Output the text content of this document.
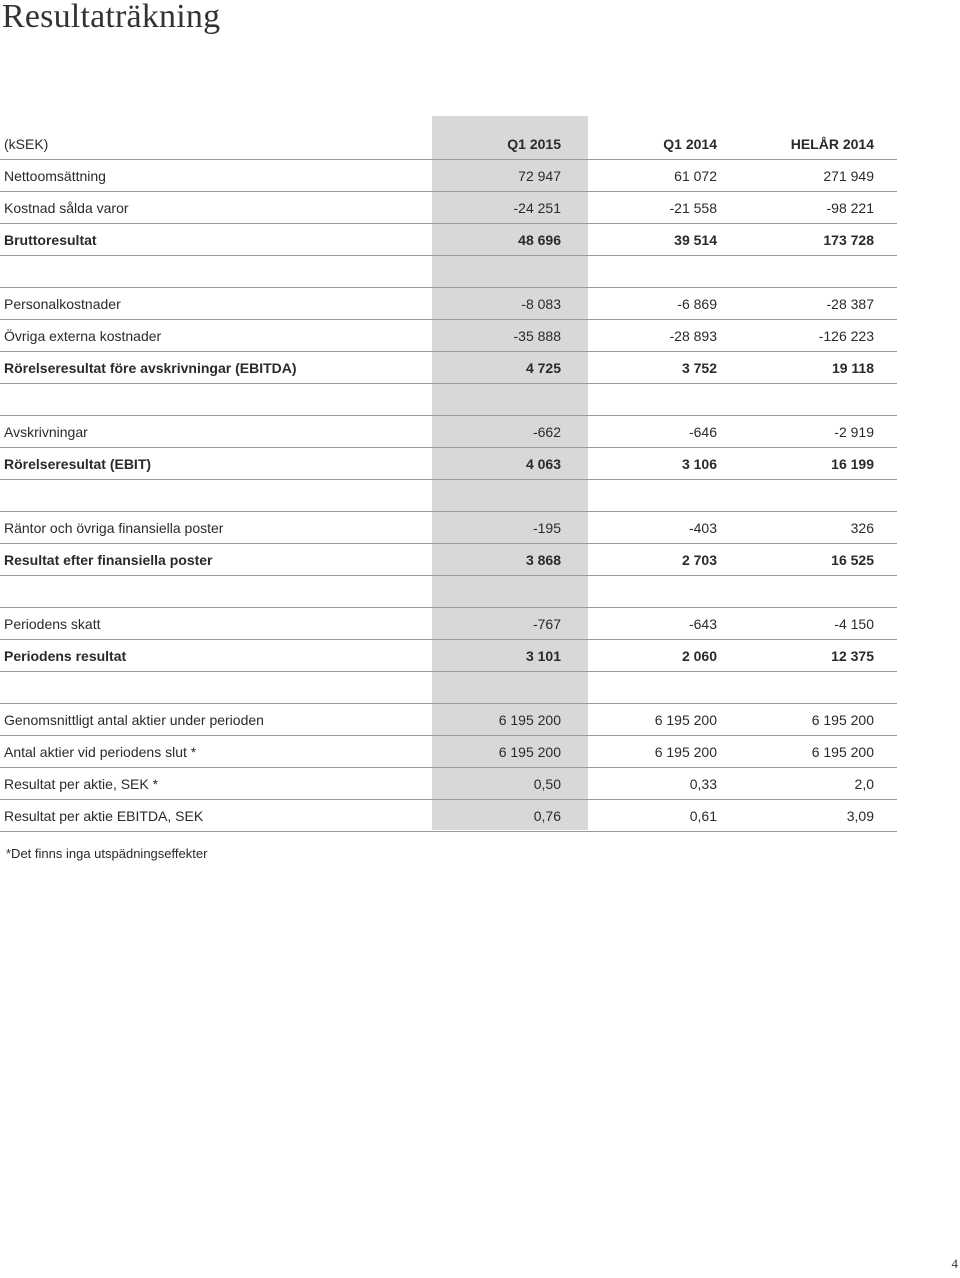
Resultaträkning
(kSEK)	Q1 2015	Q1 2014	HELÅR 2014
Nettoomsättning	72 947	61 072	271 949
Kostnad sålda varor	-24 251	-21 558	-98 221
Bruttoresultat	48 696	39 514	173 728
Personalkostnader	-8 083	-6 869	-28 387
Övriga externa kostnader	-35 888	-28 893	-126 223
Rörelseresultat före avskrivningar (EBITDA)	4 725	3 752	19 118
Avskrivningar	-662	-646	-2 919
Rörelseresultat (EBIT)	4 063	3 106	16 199
Räntor och övriga finansiella poster	-195	-403	326
Resultat efter finansiella poster	3 868	2 703	16 525
Periodens skatt	-767	-643	-4 150
Periodens resultat	3 101	2 060	12 375
Genomsnittligt antal aktier under perioden	6 195 200	6 195 200	6 195 200
Antal aktier vid periodens slut *	6 195 200	6 195 200	6 195 200
Resultat per aktie, SEK *	0,50	0,33	2,0
Resultat per aktie EBITDA, SEK	0,76	0,61	3,09
*Det finns inga utspädningseffekter
4
